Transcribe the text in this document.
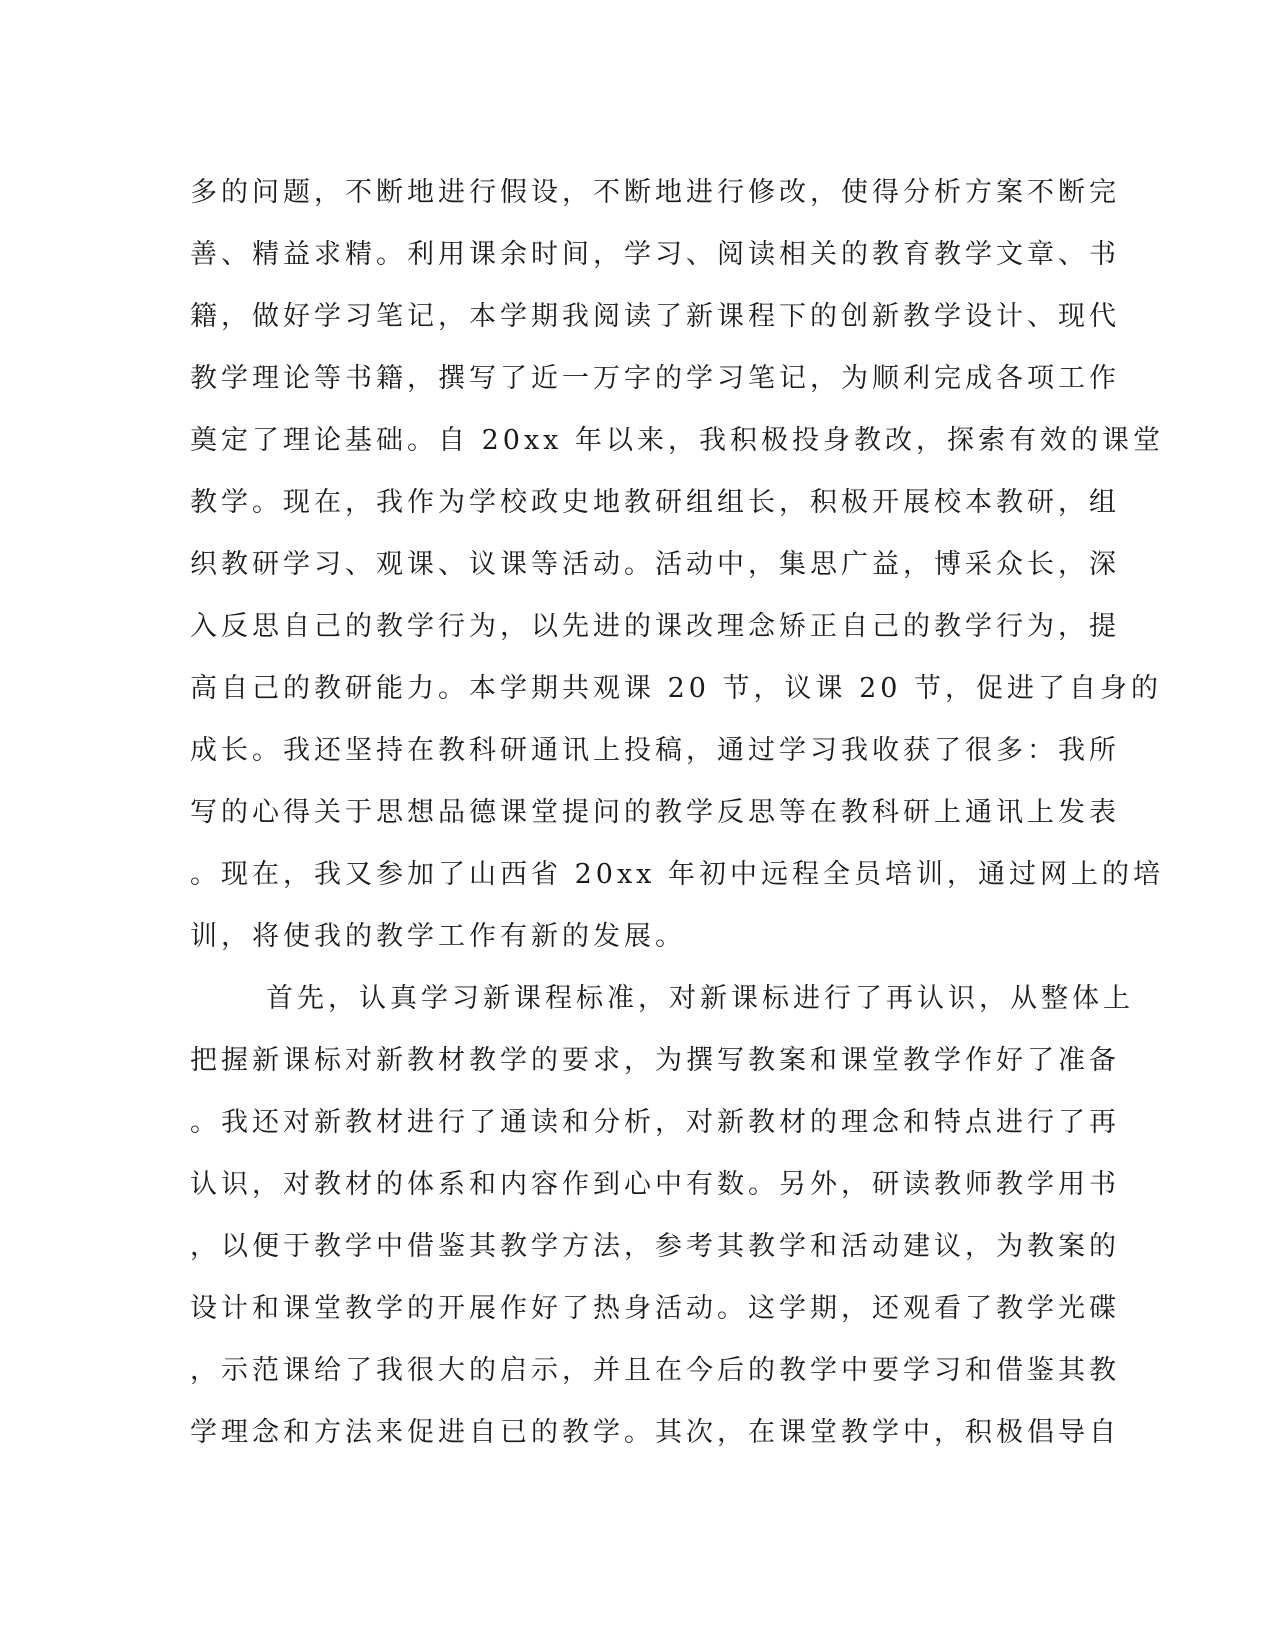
多的问题，不断地进行假设，不断地进行修改，使得分析方案不断完
善、精益求精。利用课余时间，学习、阅读相关的教育教学文章、书
籍，做好学习笔记，本学期我阅读了新课程下的创新教学设计、现代
教学理论等书籍，撰写了近一万字的学习笔记，为顺利完成各项工作
奠定了理论基础。自 20xx 年以来，我积极投身教改，探索有效的课堂
教学。现在，我作为学校政史地教研组组长，积极开展校本教研，组
织教研学习、观课、议课等活动。活动中，集思广益，博采众长，深
入反思自己的教学行为，以先进的课改理念矫正自己的教学行为，提
高自己的教研能力。本学期共观课 20 节，议课 20 节，促进了自身的
成长。我还坚持在教科研通讯上投稿，通过学习我收获了很多：我所
写的心得关于思想品德课堂提问的教学反思等在教科研上通讯上发表
。现在，我又参加了山西省 20xx 年初中远程全员培训，通过网上的培
训，将使我的教学工作有新的发展。
首先，认真学习新课程标准，对新课标进行了再认识，从整体上
把握新课标对新教材教学的要求，为撰写教案和课堂教学作好了准备
。我还对新教材进行了通读和分析，对新教材的理念和特点进行了再
认识，对教材的体系和内容作到心中有数。另外，研读教师教学用书
，以便于教学中借鉴其教学方法，参考其教学和活动建议，为教案的
设计和课堂教学的开展作好了热身活动。这学期，还观看了教学光碟
，示范课给了我很大的启示，并且在今后的教学中要学习和借鉴其教
学理念和方法来促进自已的教学。其次，在课堂教学中，积极倡导自
